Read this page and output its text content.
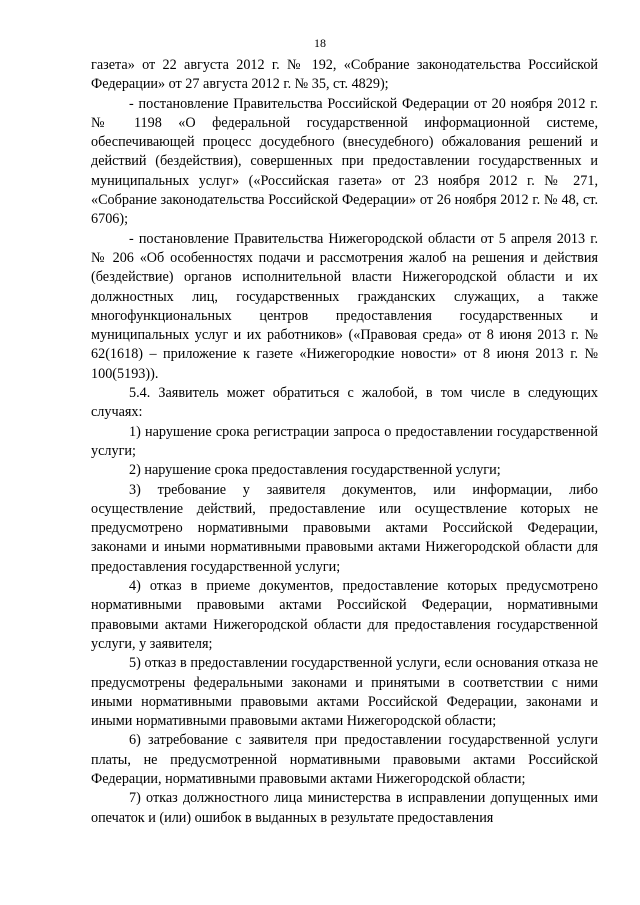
18

газета» от 22 августа 2012 г. № 192, «Собрание законодательства Российской Федерации» от 27 августа 2012 г. № 35, ст. 4829);

- постановление Правительства Российской Федерации от 20 ноября 2012 г. № 1198 «О федеральной государственной информационной системе, обеспечивающей процесс досудебного (внесудебного) обжалования решений и действий (бездействия), совершенных при предоставлении государственных и муниципальных услуг» («Российская газета» от 23 ноября 2012 г. № 271, «Собрание законодательства Российской Федерации» от 26 ноября 2012 г. № 48, ст. 6706);

- постановление Правительства Нижегородской области от 5 апреля 2013 г. № 206 «Об особенностях подачи и рассмотрения жалоб на решения и действия (бездействие) органов исполнительной власти Нижегородской области и их должностных лиц, государственных гражданских служащих, а также многофункциональных центров предоставления государственных и муниципальных услуг и их работников» («Правовая среда» от 8 июня 2013 г. № 62(1618) – приложение к газете «Нижегородкие новости» от 8 июня 2013 г. № 100(5193)).

5.4. Заявитель может обратиться с жалобой, в том числе в следующих случаях:

1) нарушение срока регистрации запроса о предоставлении государственной услуги;

2) нарушение срока предоставления государственной услуги;

3) требование у заявителя документов, или информации, либо осуществление действий, предоставление или осуществление которых не предусмотрено нормативными правовыми актами Российской Федерации, законами и иными нормативными правовыми актами Нижегородской области для предоставления государственной услуги;

4) отказ в приеме документов, предоставление которых предусмотрено нормативными правовыми актами Российской Федерации, нормативными правовыми актами Нижегородской области для предоставления государственной услуги, у заявителя;

5) отказ в предоставлении государственной услуги, если основания отказа не предусмотрены федеральными законами и принятыми в соответствии с ними иными нормативными правовыми актами Российской Федерации, законами и иными нормативными правовыми актами Нижегородской области;

6) затребование с заявителя при предоставлении государственной услуги платы, не предусмотренной нормативными правовыми актами Российской Федерации, нормативными правовыми актами Нижегородской области;

7) отказ должностного лица министерства в исправлении допущенных ими опечаток и (или) ошибок в выданных в результате предоставления
